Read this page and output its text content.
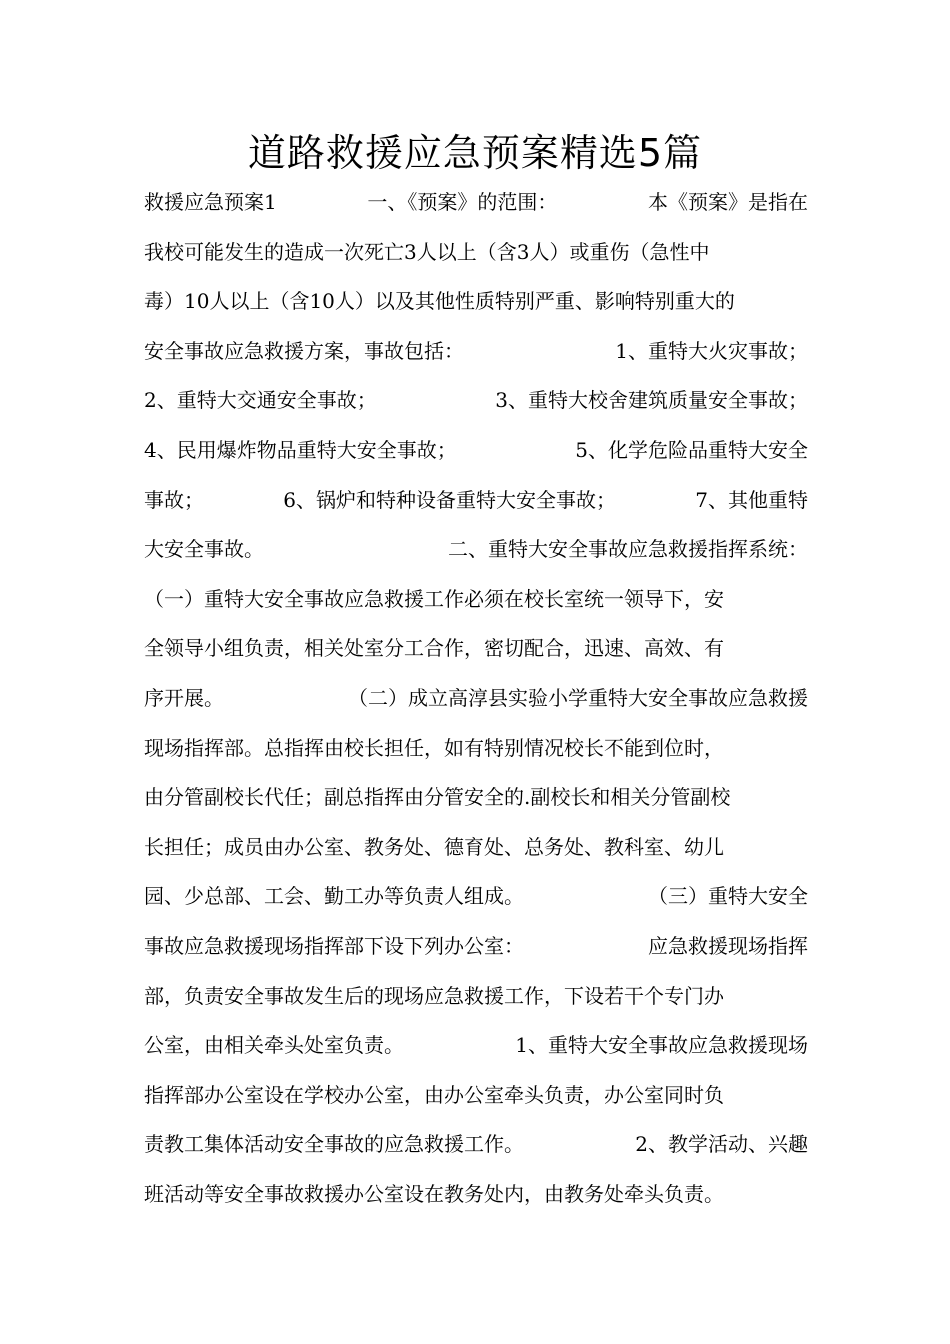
道路救援应急预案精选5篇
救援应急预案1	一、《预案》的范围：	本《预案》是指在
我校可能发生的造成一次死亡3人以上（含3人）或重伤（急性中
毒）10人以上（含10人）以及其他性质特别严重、影响特别重大的
安全事故应急救援方案，事故包括：	1、重特大火灾事故；
2、重特大交通安全事故；	3、重特大校舍建筑质量安全事故；
4、民用爆炸物品重特大安全事故；	5、化学危险品重特大安全
事故；	6、锅炉和特种设备重特大安全事故；	7、其他重特
大安全事故。	二、重特大安全事故应急救援指挥系统：
（一）重特大安全事故应急救援工作必须在校长室统一领导下，安
全领导小组负责，相关处室分工合作，密切配合，迅速、高效、有
序开展。	（二）成立高淳县实验小学重特大安全事故应急救援
现场指挥部。总指挥由校长担任，如有特别情况校长不能到位时，
由分管副校长代任；副总指挥由分管安全的.副校长和相关分管副校
长担任；成员由办公室、教务处、德育处、总务处、教科室、幼儿
园、少总部、工会、勤工办等负责人组成。	（三）重特大安全
事故应急救援现场指挥部下设下列办公室：	应急救援现场指挥
部，负责安全事故发生后的现场应急救援工作，下设若干个专门办
公室，由相关牵头处室负责。	1、重特大安全事故应急救援现场
指挥部办公室设在学校办公室，由办公室牵头负责，办公室同时负
责教工集体活动安全事故的应急救援工作。	2、教学活动、兴趣
班活动等安全事故救援办公室设在教务处内，由教务处牵头负责。
